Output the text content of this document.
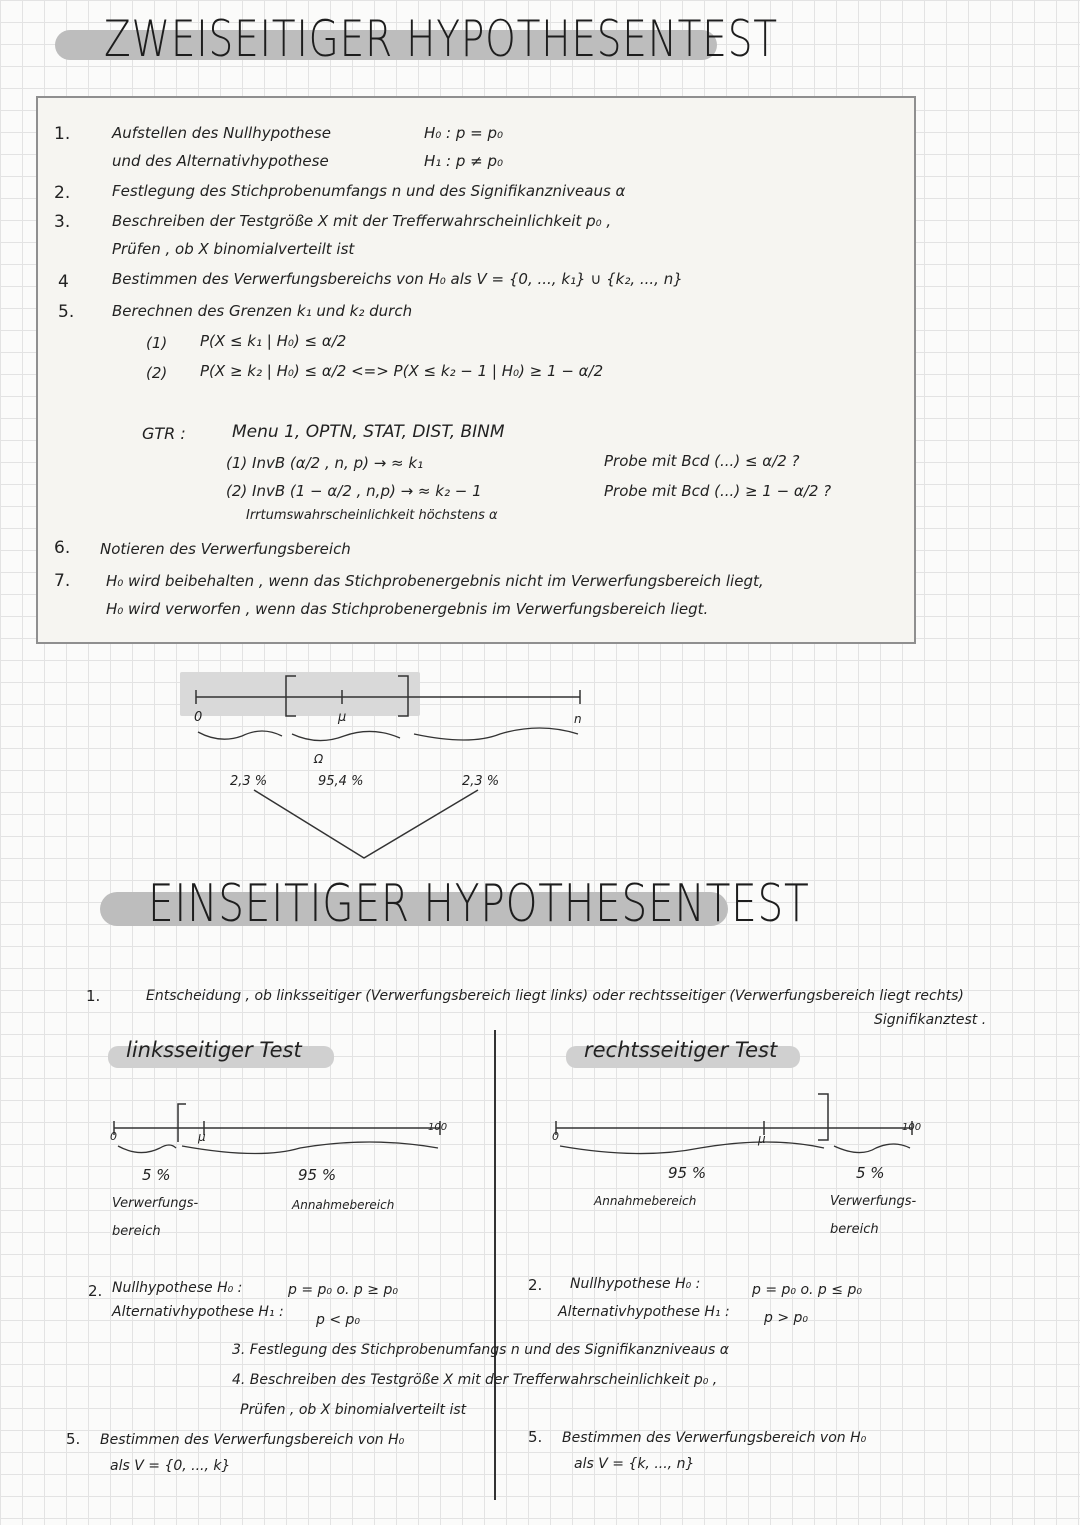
ZWEISEITIGER HYPOTHESENTEST
1.	Aufstellen des Nullhypothese	H₀ : p = p₀
und des Alternativhypothese	H₁ : p ≠ p₀
2.	Festlegung des Stichprobenumfangs n und des Signifikanzniveaus α
3.	Beschreiben der Testgröße X mit der Trefferwahrscheinlichkeit p₀ ,
Prüfen , ob X binomialverteilt ist
4	Bestimmen des Verwerfungsbereichs von H₀ als V = {0, ..., k₁} ∪ {k₂, ..., n}
5.	Berechnen des Grenzen k₁ und k₂ durch
(1) P(X ≤ k₁ | H₀) ≤ α/2
(2) P(X ≥ k₂ | H₀) ≤ α/2 <=> P(X ≤ k₂ − 1 | H₀) ≥ 1 − α/2
GTR :	Menu 1, OPTN, STAT, DIST, BINM
(1) InvB (α/2 , n, p) → ≈ k₁	Probe mit Bcd (...) ≤ α/2 ?
(2) InvB (1 − α/2 , n,p) → ≈ k₂ − 1	Probe mit Bcd (...) ≥ 1 − α/2 ?
Irrtumswahrscheinlichkeit höchstens α
6. Notieren des Verwerfungsbereich
7. H₀ wird beibehalten , wenn das Stichprobenergebnis nicht im Verwerfungsbereich liegt,
H₀ wird verworfen , wenn das Stichprobenergebnis im Verwerfungsbereich liegt.
0	n
μ
Ω
2,3 %	95,4 %	2,3 %
EINSEITIGER HYPOTHESENTEST
1.	Entscheidung , ob linksseitiger (Verwerfungsbereich liegt links) oder rechtsseitiger (Verwerfungsbereich liegt rechts)
Signifikanztest .
linksseitiger Test	rechtsseitiger Test
0
100
μ
5 %	95 %
Verwerfungs-
bereich
Annahmebereich
0
100
μ
95 %	5 %
Annahmebereich	Verwerfungs-
bereich
2. Nullhypothese H₀ :	p = p₀ o. p ≥ p₀
Alternativhypothese H₁ : p < p₀
2. Nullhypothese H₀ :	p = p₀ o. p ≤ p₀
Alternativhypothese H₁ : p > p₀
3. Festlegung des Stichprobenumfangs n und des Signifikanzniveaus α
4. Beschreiben des Testgröße X mit der Trefferwahrscheinlichkeit p₀ ,
Prüfen , ob X binomialverteilt ist
5. Bestimmen des Verwerfungsbereich von H₀
als V = {0, ..., k}
5. Bestimmen des Verwerfungsbereich von H₀
als V = {k, ..., n}
